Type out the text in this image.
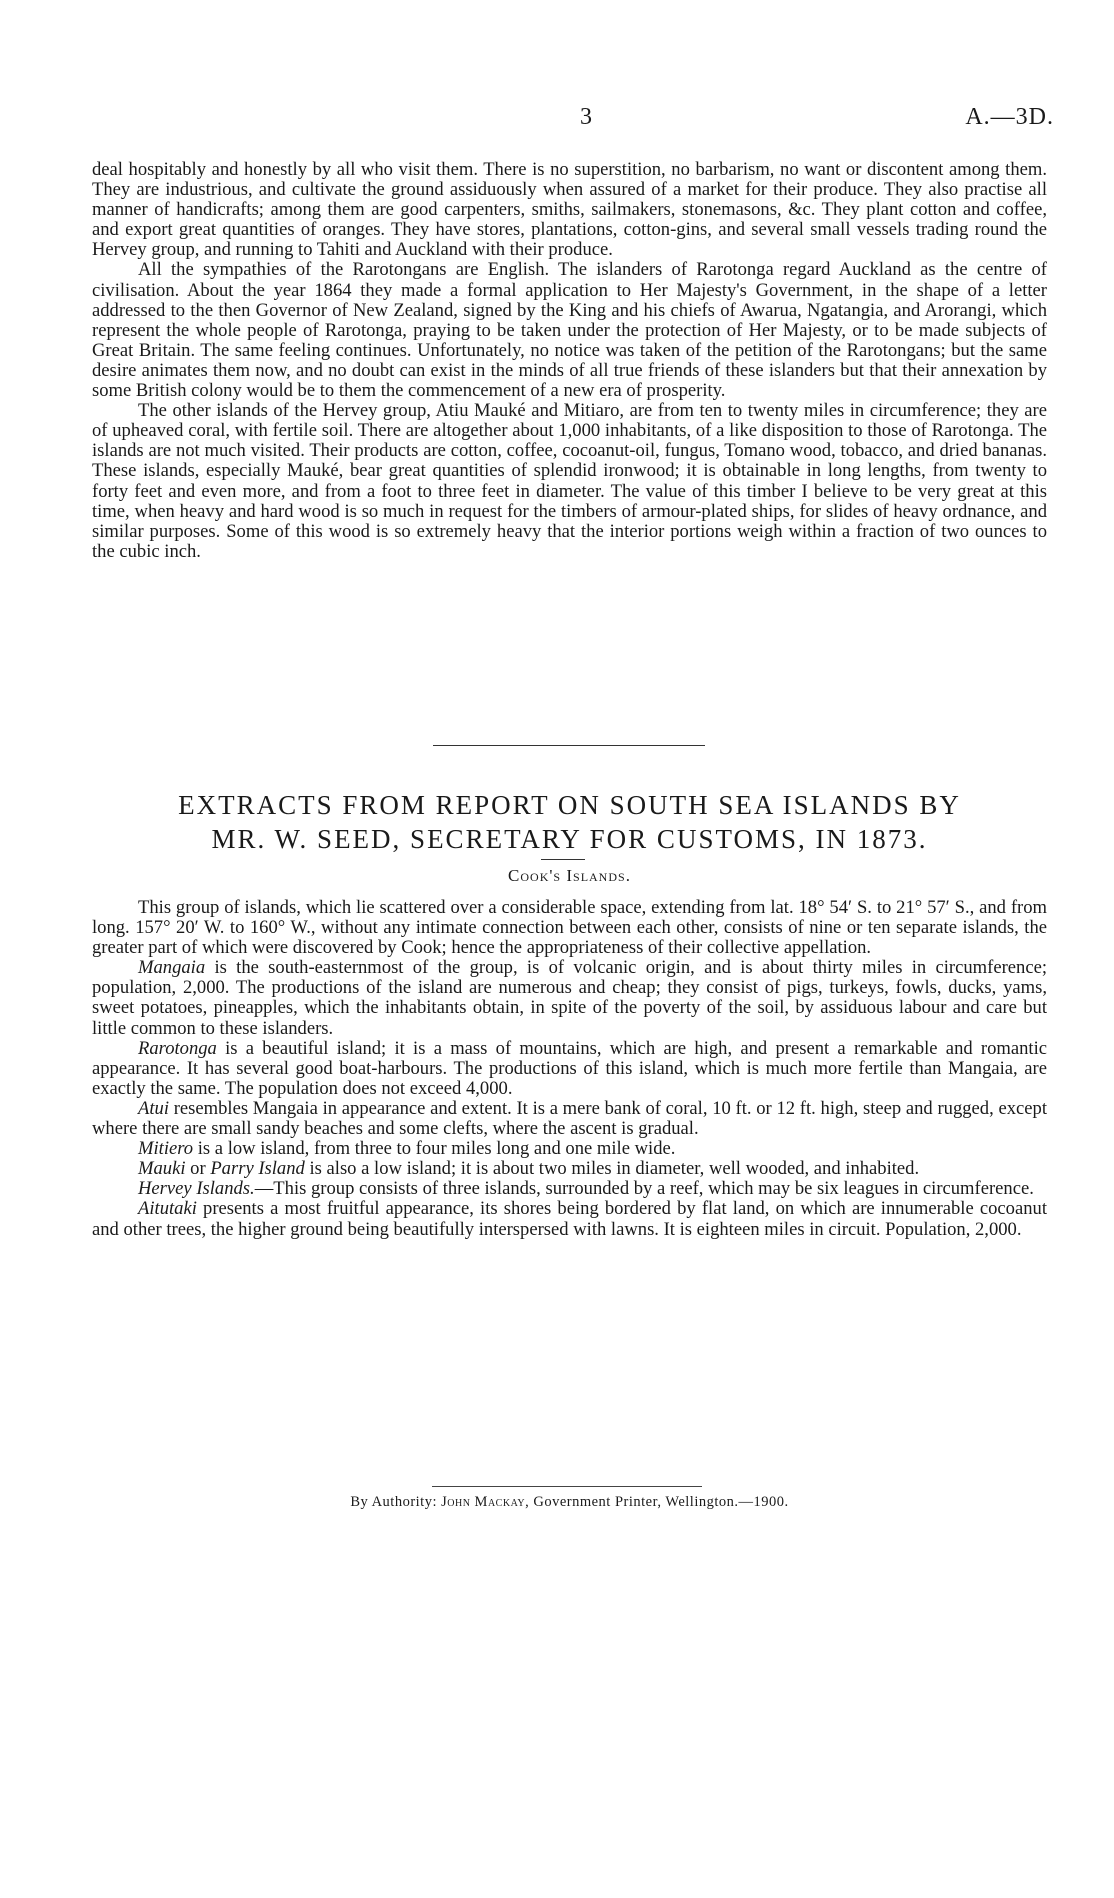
3	A.—3D.

deal hospitably and honestly by all who visit them. There is no superstition, no barbarism, no want or discontent among them. They are industrious, and cultivate the ground assiduously when assured of a market for their produce. They also practise all manner of handicrafts; among them are good carpenters, smiths, sailmakers, stonemasons, &c. They plant cotton and coffee, and export great quantities of oranges. They have stores, plantations, cotton-gins, and several small vessels trading round the Hervey group, and running to Tahiti and Auckland with their produce.

All the sympathies of the Rarotongans are English. The islanders of Rarotonga regard Auckland as the centre of civilisation. About the year 1864 they made a formal application to Her Majesty's Government, in the shape of a letter addressed to the then Governor of New Zealand, signed by the King and his chiefs of Awarua, Ngatangia, and Arorangi, which represent the whole people of Rarotonga, praying to be taken under the protection of Her Majesty, or to be made subjects of Great Britain. The same feeling continues. Unfortunately, no notice was taken of the petition of the Rarotongans; but the same desire animates them now, and no doubt can exist in the minds of all true friends of these islanders but that their annexation by some British colony would be to them the commencement of a new era of prosperity.

The other islands of the Hervey group, Atiu Mauké and Mitiaro, are from ten to twenty miles in circumference; they are of upheaved coral, with fertile soil. There are altogether about 1,000 inhabitants, of a like disposition to those of Rarotonga. The islands are not much visited. Their products are cotton, coffee, cocoanut-oil, fungus, Tomano wood, tobacco, and dried bananas. These islands, especially Mauké, bear great quantities of splendid ironwood; it is obtainable in long lengths, from twenty to forty feet and even more, and from a foot to three feet in diameter. The value of this timber I believe to be very great at this time, when heavy and hard wood is so much in request for the timbers of armour-plated ships, for slides of heavy ordnance, and similar purposes. Some of this wood is so extremely heavy that the interior portions weigh within a fraction of two ounces to the cubic inch.

EXTRACTS FROM REPORT ON SOUTH SEA ISLANDS BY
MR. W. SEED, SECRETARY FOR CUSTOMS, IN 1873.
Cook's Islands.

This group of islands, which lie scattered over a considerable space, extending from lat. 18° 54′ S. to 21° 57′ S., and from long. 157° 20′ W. to 160° W., without any intimate connection between each other, consists of nine or ten separate islands, the greater part of which were discovered by Cook; hence the appropriateness of their collective appellation.

Mangaia is the south-easternmost of the group, is of volcanic origin, and is about thirty miles in circumference; population, 2,000. The productions of the island are numerous and cheap; they consist of pigs, turkeys, fowls, ducks, yams, sweet potatoes, pineapples, which the inhabitants obtain, in spite of the poverty of the soil, by assiduous labour and care but little common to these islanders.

Rarotonga is a beautiful island; it is a mass of mountains, which are high, and present a remarkable and romantic appearance. It has several good boat-harbours. The productions of this island, which is much more fertile than Mangaia, are exactly the same. The population does not exceed 4,000.

Atui resembles Mangaia in appearance and extent. It is a mere bank of coral, 10 ft. or 12 ft. high, steep and rugged, except where there are small sandy beaches and some clefts, where the ascent is gradual.

Mitiero is a low island, from three to four miles long and one mile wide.

Mauki or Parry Island is also a low island; it is about two miles in diameter, well wooded, and inhabited.

Hervey Islands.—This group consists of three islands, surrounded by a reef, which may be six leagues in circumference.

Aitutaki presents a most fruitful appearance, its shores being bordered by flat land, on which are innumerable cocoanut and other trees, the higher ground being beautifully interspersed with lawns. It is eighteen miles in circuit. Population, 2,000.

By Authority: John Mackay, Government Printer, Wellington.—1900.
